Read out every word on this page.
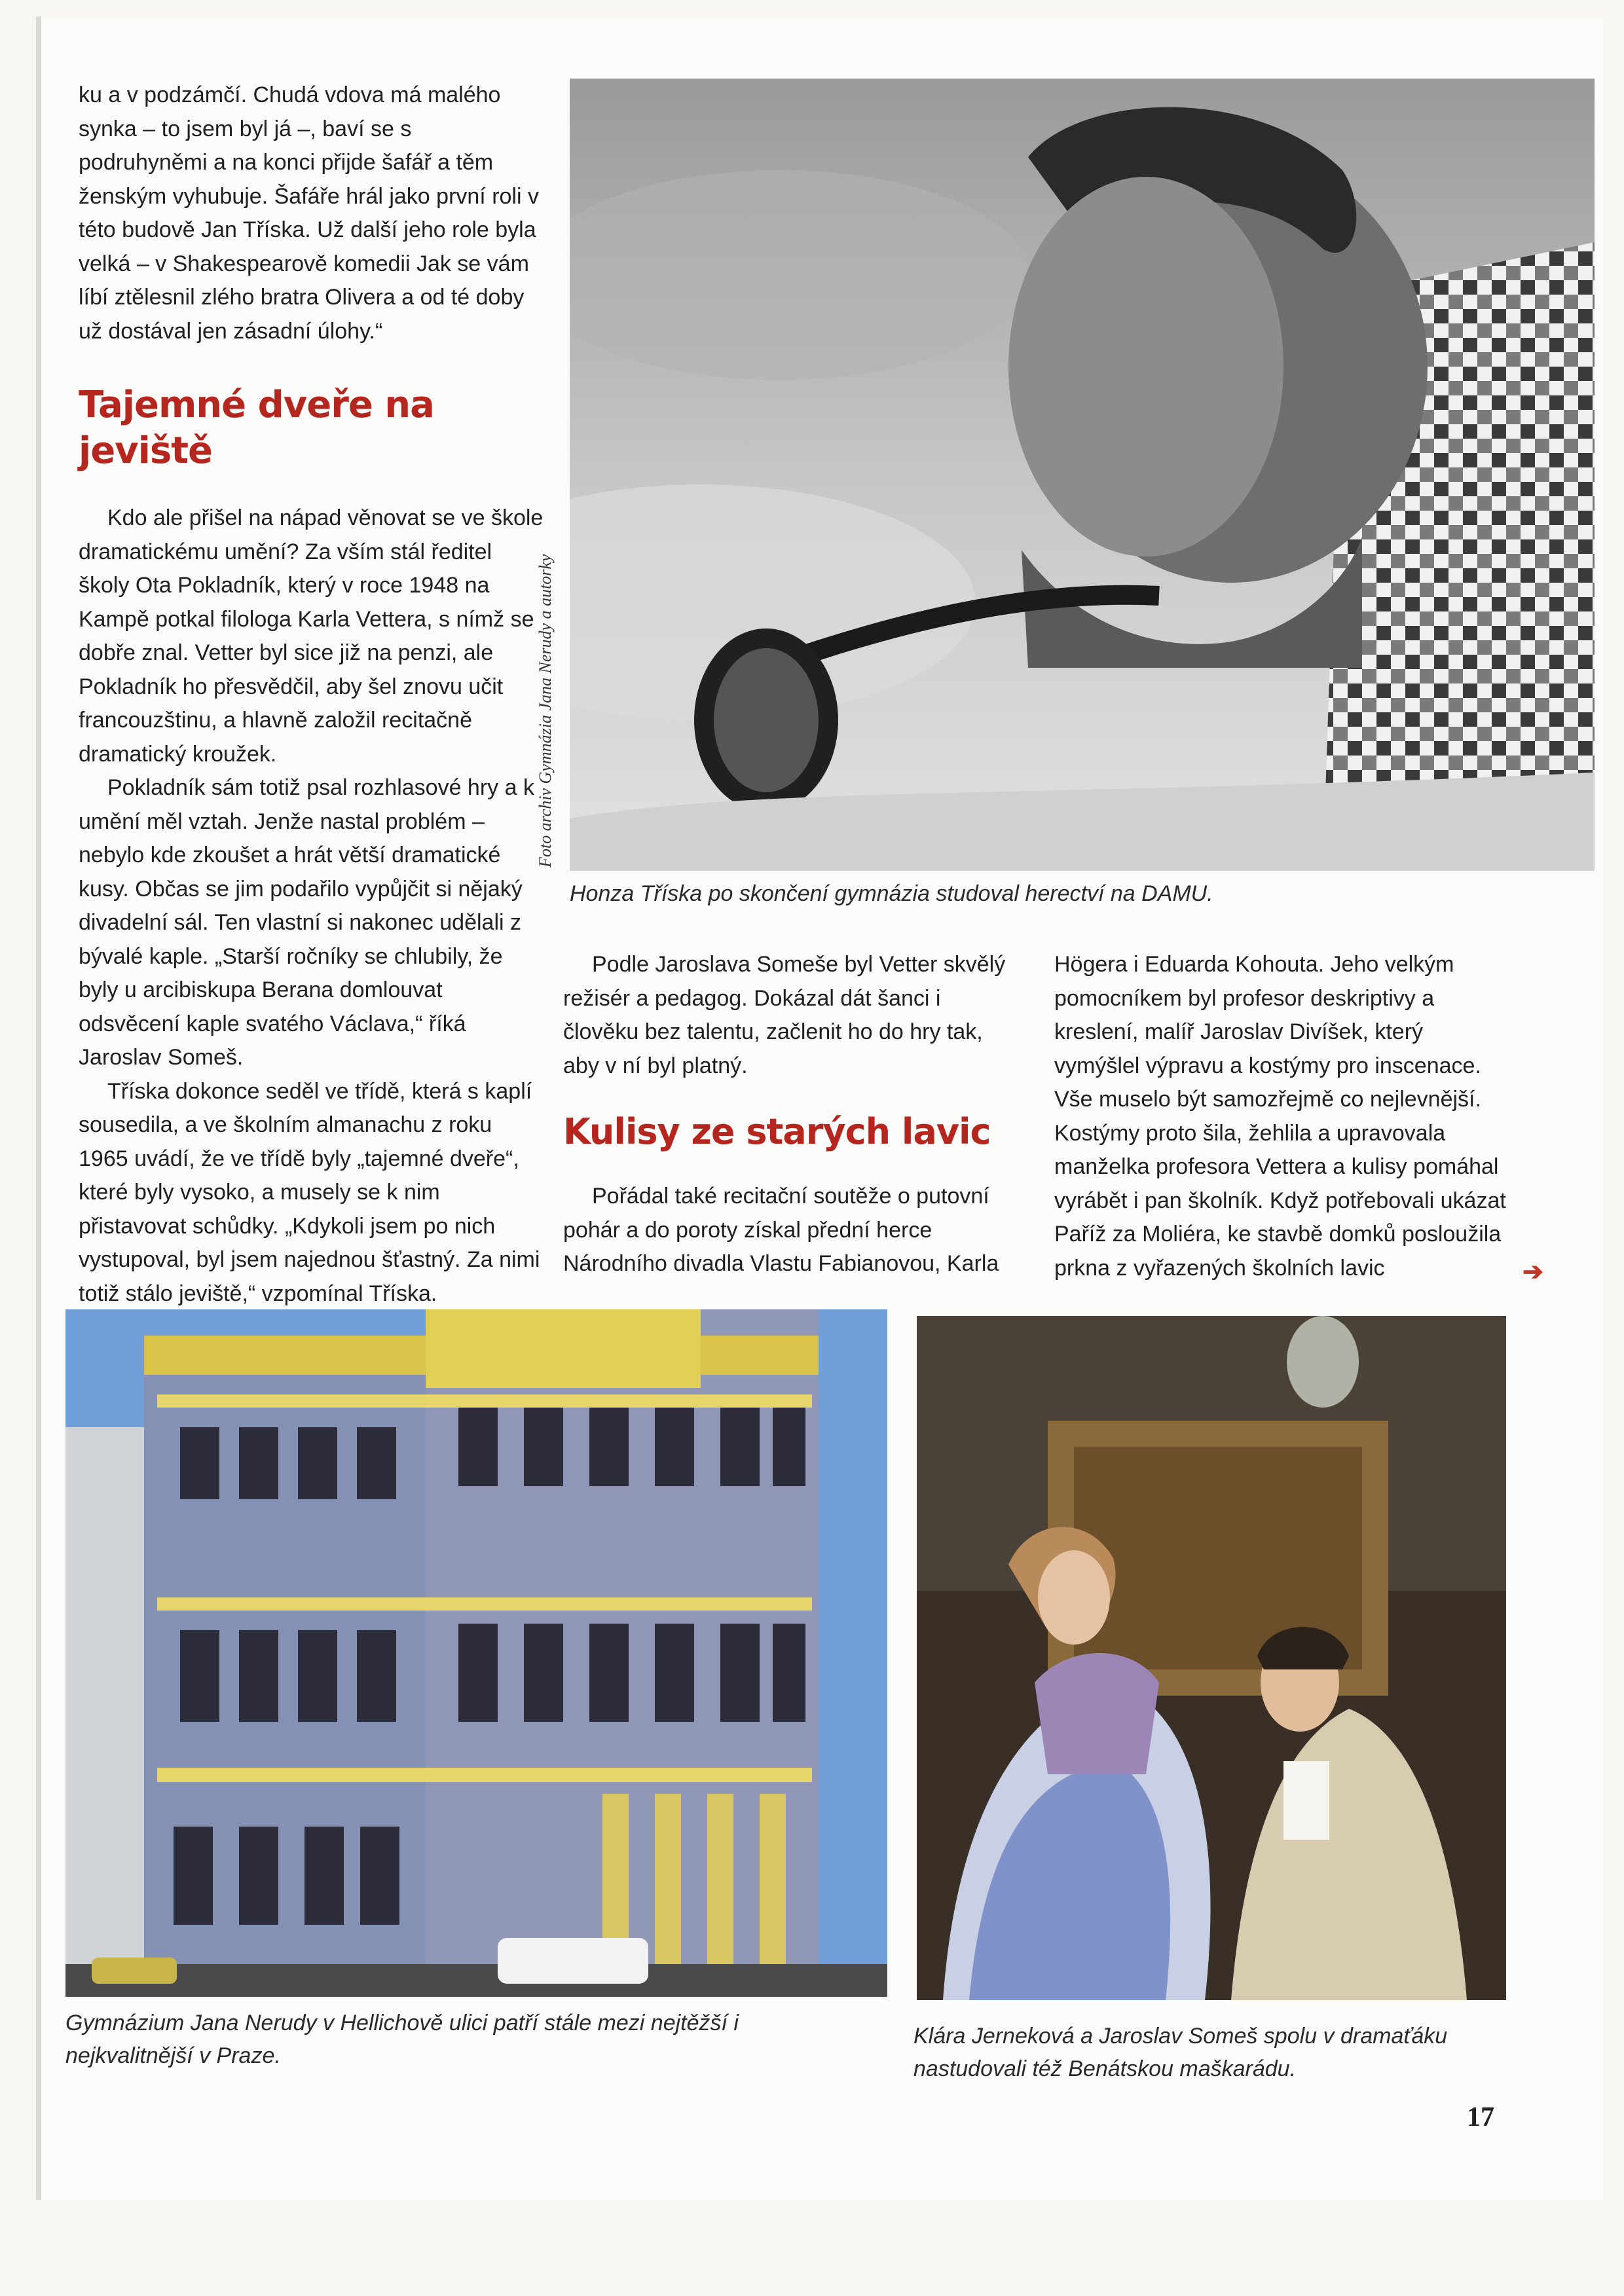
ku a v podzámčí. Chudá vdova má malého synka – to jsem byl já –, baví se s podruhyněmi a na konci přijde šafář a těm ženským vyhubuje. Šafáře hrál jako první roli v této budově Jan Tříska. Už další jeho role byla velká – v Shakespearově komedii Jak se vám líbí ztělesnil zlého bratra Olivera a od té doby už dostával jen zásadní úlohy.“

Tajemné dveře na jeviště

Kdo ale přišel na nápad věnovat se ve škole dramatickému umění? Za vším stál ředitel školy Ota Pokladník, který v roce 1948 na Kampě potkal filologa Karla Vettera, s nímž se dobře znal. Vetter byl sice již na penzi, ale Pokladník ho přesvědčil, aby šel znovu učit francouzštinu, a hlavně založil recitačně dramatický kroužek.

Pokladník sám totiž psal rozhlasové hry a k umění měl vztah. Jenže nastal problém – nebylo kde zkoušet a hrát větší dramatické kusy. Občas se jim podařilo vypůjčit si nějaký divadelní sál. Ten vlastní si nakonec udělali z bývalé kaple. „Starší ročníky se chlubily, že byly u arcibiskupa Berana domlouvat odsvěcení kaple svatého Václava,“ říká Jaroslav Someš.

Tříska dokonce seděl ve třídě, která s kaplí sousedila, a ve školním almanachu z roku 1965 uvádí, že ve třídě byly „tajemné dveře“, které byly vysoko, a musely se k nim přistavovat schůdky. „Kdykoli jsem po nich vystupoval, byl jsem najednou šťastný. Za nimi totiž stálo jeviště,“ vzpomínal Tříska.

Foto archiv Gymnázia Jana Nerudy a autorky
Honza Tříska po skončení gymnázia studoval herectví na DAMU.

Podle Jaroslava Someše byl Vetter skvělý režisér a pedagog. Dokázal dát šanci i člověku bez talentu, začlenit ho do hry tak, aby v ní byl platný.

Kulisy ze starých lavic

Pořádal také recitační soutěže o putovní pohár a do poroty získal přední herce Národního divadla Vlastu Fabianovou, Karla

Högera i Eduarda Kohouta. Jeho velkým pomocníkem byl profesor deskriptivy a kreslení, malíř Jaroslav Divíšek, který vymýšlel výpravu a kostýmy pro inscenace. Vše muselo být samozřejmě co nejlevnější. Kostýmy proto šila, žehlila a upravovala manželka profesora Vettera a kulisy pomáhal vyrábět i pan školník. Když potřebovali ukázat Paříž za Moliéra, ke stavbě domků posloužila prkna z vyřazených školních lavic	➔
Gymnázium Jana Nerudy v Hellichově ulici patří stále mezi nejtěžší i nejkvalitnější v Praze.
Klára Jerneková a Jaroslav Someš spolu v dramaťáku nastudovali též Benátskou maškarádu.
17
